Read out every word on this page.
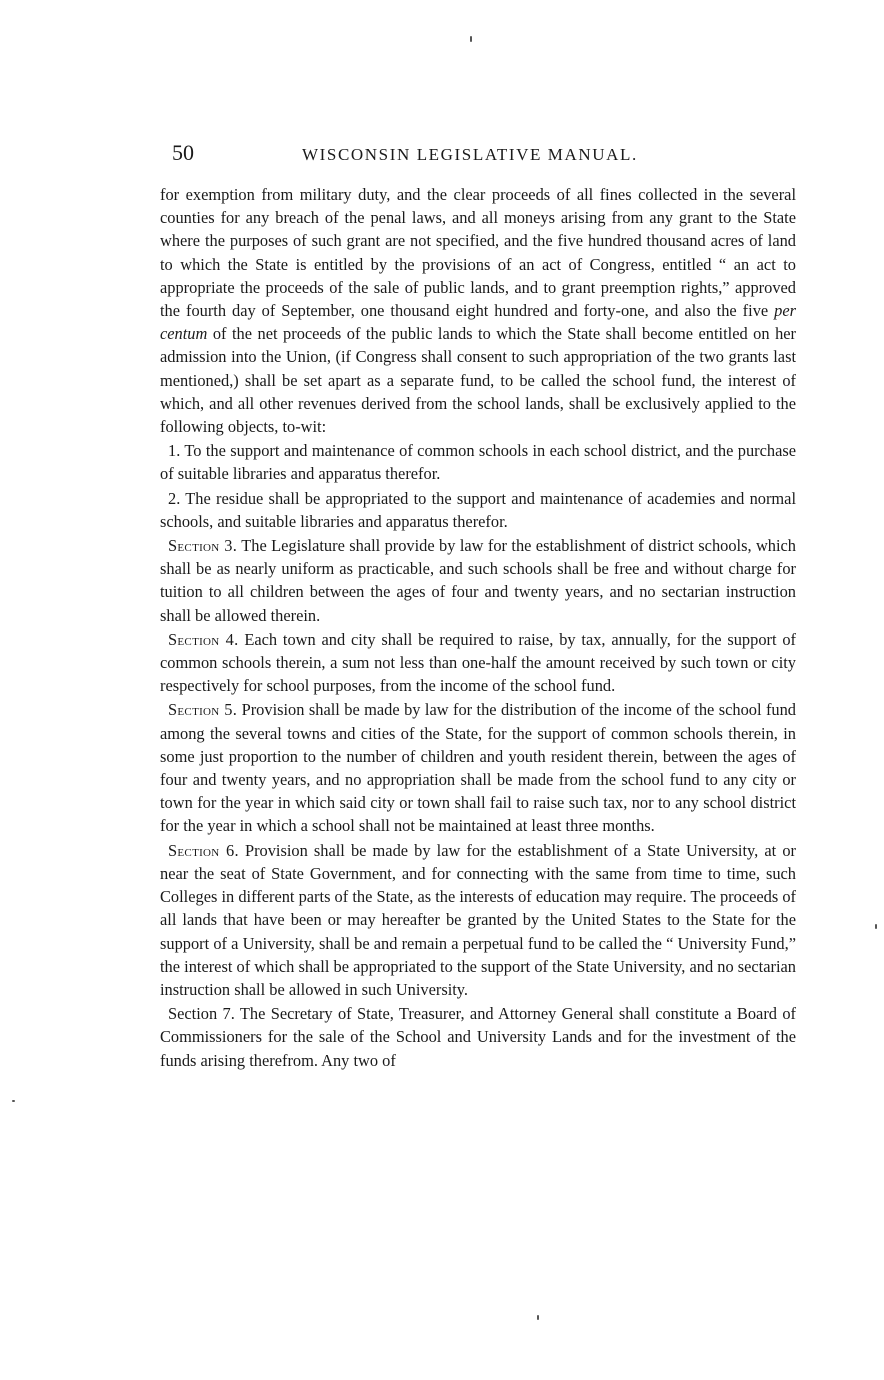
50	WISCONSIN LEGISLATIVE MANUAL.

for exemption from military duty, and the clear proceeds of all fines collected in the several counties for any breach of the penal laws, and all moneys arising from any grant to the State where the purposes of such grant are not specified, and the five hundred thousand acres of land to which the State is entitled by the provisions of an act of Congress, entitled “ an act to appropriate the proceeds of the sale of public lands, and to grant preemption rights,” approved the fourth day of September, one thousand eight hundred and forty-one, and also the five per centum of the net proceeds of the public lands to which the State shall become entitled on her admission into the Union, (if Congress shall consent to such appropriation of the two grants last mentioned,) shall be set apart as a separate fund, to be called the school fund, the interest of which, and all other revenues derived from the school lands, shall be exclusively applied to the following objects, to-wit:

1. To the support and maintenance of common schools in each school district, and the purchase of suitable libraries and apparatus therefor.

2. The residue shall be appropriated to the support and maintenance of academies and normal schools, and suitable libraries and apparatus therefor.

Section 3. The Legislature shall provide by law for the establishment of district schools, which shall be as nearly uniform as practicable, and such schools shall be free and without charge for tuition to all children between the ages of four and twenty years, and no sectarian instruction shall be allowed therein.

Section 4. Each town and city shall be required to raise, by tax, annually, for the support of common schools therein, a sum not less than one-half the amount received by such town or city respectively for school purposes, from the income of the school fund.

Section 5. Provision shall be made by law for the distribution of the income of the school fund among the several towns and cities of the State, for the support of common schools therein, in some just proportion to the number of children and youth resident therein, between the ages of four and twenty years, and no appropriation shall be made from the school fund to any city or town for the year in which said city or town shall fail to raise such tax, nor to any school district for the year in which a school shall not be maintained at least three months.

Section 6. Provision shall be made by law for the establishment of a State University, at or near the seat of State Government, and for connecting with the same from time to time, such Colleges in different parts of the State, as the interests of education may require. The proceeds of all lands that have been or may hereafter be granted by the United States to the State for the support of a University, shall be and remain a perpetual fund to be called the “ University Fund,” the interest of which shall be appropriated to the support of the State University, and no sectarian instruction shall be allowed in such University.

Section 7. The Secretary of State, Treasurer, and Attorney General shall constitute a Board of Commissioners for the sale of the School and University Lands and for the investment of the funds arising therefrom. Any two of
